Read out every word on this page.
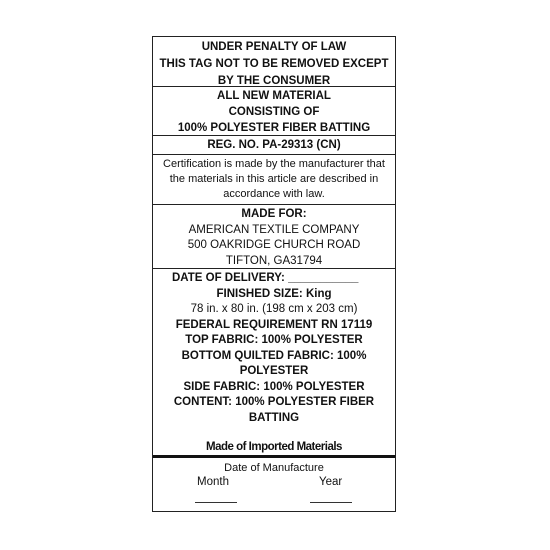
UNDER PENALTY OF LAW
THIS TAG NOT TO BE REMOVED EXCEPT
BY THE CONSUMER
ALL NEW MATERIAL
CONSISTING OF
100% POLYESTER FIBER BATTING
REG. NO. PA-29313 (CN)
Certification is made by the manufacturer that
the materials in this article are described in
accordance with law.
MADE FOR:
AMERICAN TEXTILE COMPANY
500 OAKRIDGE CHURCH ROAD
TIFTON, GA31794
DATE OF DELIVERY: ___________
FINISHED SIZE: King
78 in. x 80 in. (198 cm x 203 cm)
FEDERAL REQUIREMENT RN 17119
TOP FABRIC: 100% POLYESTER
BOTTOM QUILTED FABRIC: 100%
POLYESTER
SIDE FABRIC: 100% POLYESTER
CONTENT: 100% POLYESTER FIBER
BATTING
Made of Imported Materials
Date of Manufacture
Month	Year
